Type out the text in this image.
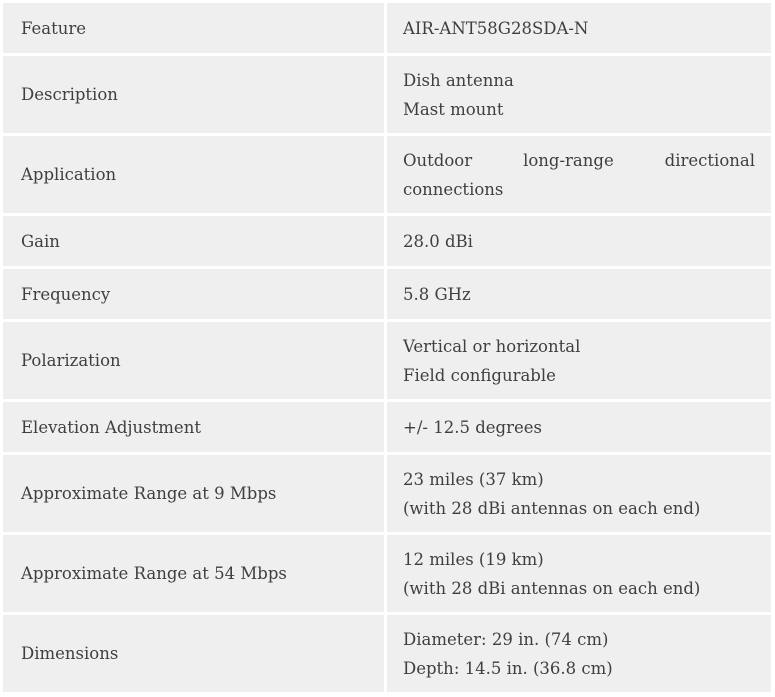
Feature	AIR-ANT58G28SDA-N
Description	Dish antenna
Mast mount

Application	Outdoor long-range directional connections

Gain	28.0 dBi
Frequency	5.8 GHz
Polarization	Vertical or horizontal
Field configurable

Elevation Adjustment	+/- 12.5 degrees
Approximate Range at 9 Mbps	23 miles (37 km)
(with 28 dBi antennas on each end)

Approximate Range at 54 Mbps	12 miles (19 km)
(with 28 dBi antennas on each end)

Dimensions	Diameter: 29 in. (74 cm)
Depth: 14.5 in. (36.8 cm)
